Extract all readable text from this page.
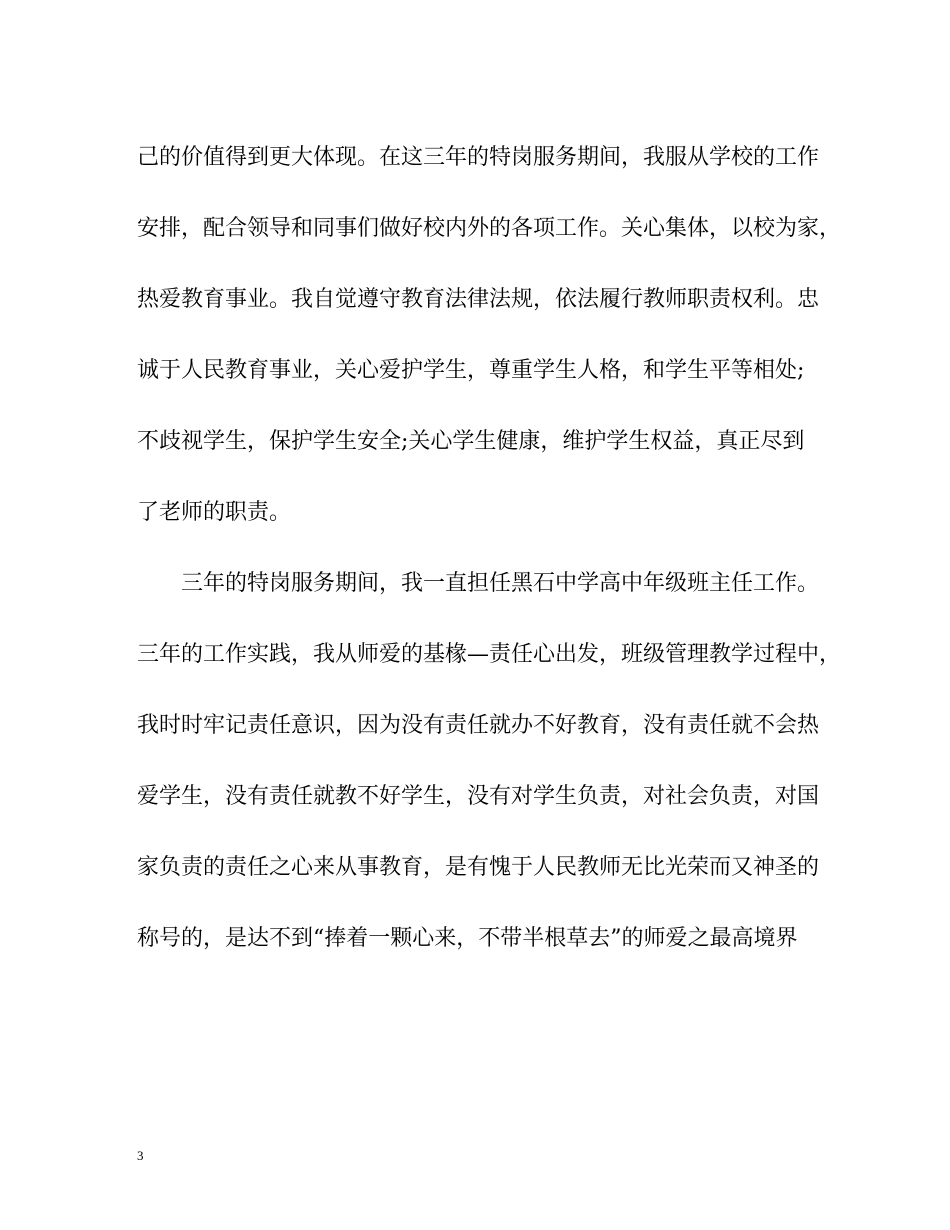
己的价值得到更大体现。在这三年的特岗服务期间，我服从学校的工作

安排，配合领导和同事们做好校内外的各项工作。关心集体，以校为家，

热爱教育事业。我自觉遵守教育法律法规，依法履行教师职责权利。忠

诚于人民教育事业，关心爱护学生，尊重学生人格，和学生平等相处;

不歧视学生，保护学生安全;关心学生健康，维护学生权益，真正尽到

了老师的职责。

三年的特岗服务期间，我一直担任黑石中学高中年级班主任工作。

三年的工作实践，我从师爱的基椽—责任心出发，班级管理教学过程中，

我时时牢记责任意识，因为没有责任就办不好教育，没有责任就不会热

爱学生，没有责任就教不好学生，没有对学生负责，对社会负责，对国

家负责的责任之心来从事教育，是有愧于人民教师无比光荣而又神圣的

称号的，是达不到“捧着一颗心来，不带半根草去”的师爱之最高境界

3
